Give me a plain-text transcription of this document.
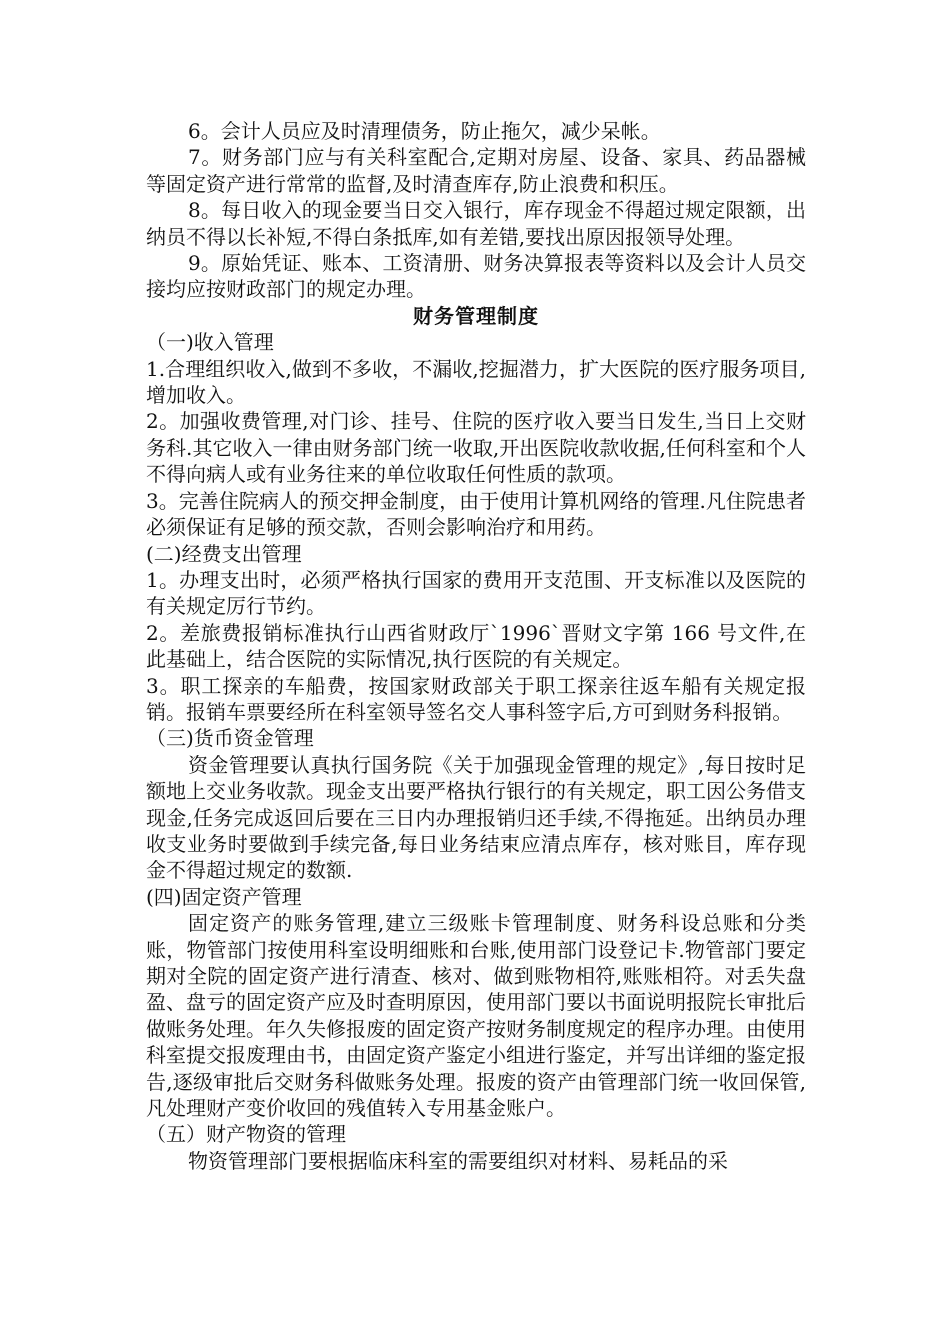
6。会计人员应及时清理债务，防止拖欠，减少呆帐。

7。财务部门应与有关科室配合,定期对房屋、设备、家具、药品器械等固定资产进行常常的监督,及时清查库存,防止浪费和积压。

8。每日收入的现金要当日交入银行，库存现金不得超过规定限额，出纳员不得以长补短,不得白条抵库,如有差错,要找出原因报领导处理。

9。原始凭证、账本、工资清册、财务决算报表等资料以及会计人员交接均应按财政部门的规定办理。

财务管理制度

（一)收入管理

1.合理组织收入,做到不多收，不漏收,挖掘潜力，扩大医院的医疗服务项目,增加收入。

2。加强收费管理,对门诊、挂号、住院的医疗收入要当日发生,当日上交财务科.其它收入一律由财务部门统一收取,开出医院收款收据,任何科室和个人不得向病人或有业务往来的单位收取任何性质的款项。

3。完善住院病人的预交押金制度，由于使用计算机网络的管理.凡住院患者必须保证有足够的预交款，否则会影响治疗和用药。

(二)经费支出管理

1。办理支出时，必须严格执行国家的费用开支范围、开支标准以及医院的有关规定厉行节约。

2。差旅费报销标准执行山西省财政厅`1996`晋财文字第 166 号文件,在此基础上，结合医院的实际情况,执行医院的有关规定。

3。职工探亲的车船费，按国家财政部关于职工探亲往返车船有关规定报销。报销车票要经所在科室领导签名交人事科签字后,方可到财务科报销。

（三)货币资金管理

资金管理要认真执行国务院《关于加强现金管理的规定》,每日按时足额地上交业务收款。现金支出要严格执行银行的有关规定，职工因公务借支现金,任务完成返回后要在三日内办理报销归还手续,不得拖延。出纳员办理收支业务时要做到手续完备,每日业务结束应清点库存，核对账目，库存现金不得超过规定的数额.

(四)固定资产管理

固定资产的账务管理,建立三级账卡管理制度、财务科设总账和分类账，物管部门按使用科室设明细账和台账,使用部门设登记卡.物管部门要定期对全院的固定资产进行清查、核对、做到账物相符,账账相符。对丢失盘盈、盘亏的固定资产应及时查明原因，使用部门要以书面说明报院长审批后做账务处理。年久失修报废的固定资产按财务制度规定的程序办理。由使用科室提交报废理由书，由固定资产鉴定小组进行鉴定，并写出详细的鉴定报告,逐级审批后交财务科做账务处理。报废的资产由管理部门统一收回保管,凡处理财产变价收回的残值转入专用基金账户。

（五）财产物资的管理

物资管理部门要根据临床科室的需要组织对材料、易耗品的采
